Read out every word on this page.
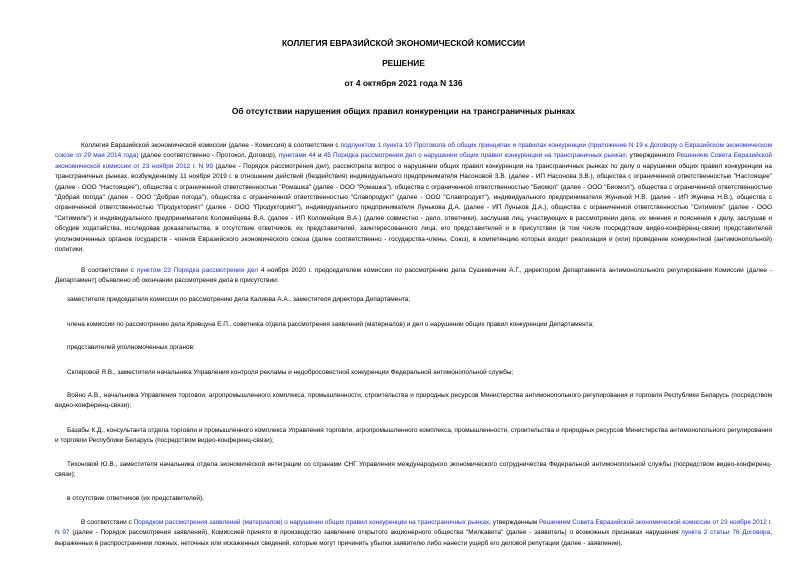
КОЛЛЕГИЯ ЕВРАЗИЙСКОЙ ЭКОНОМИЧЕСКОЙ КОМИССИИ
РЕШЕНИЕ
от 4 октября 2021 года N 136
Об отсутствии нарушения общих правил конкуренции на трансграничных рынках

Коллегия Евразийской экономической комиссии (далее - Комиссия) в соответствии с подпунктом 1 пункта 10 Протокола об общих принципах и правилах конкуренции (приложение N 19 к Договору о Евразийском экономическом союзе от 29 мая 2014 года) (далее соответственно - Протокол, Договор), пунктами 44 и 45 Порядка рассмотрения дел о нарушении общих правил конкуренции на трансграничных рынках, утвержденного Решением Совета Евразийской экономической комиссии от 23 ноября 2012 г. N 99 (далее - Порядок рассмотрения дел), рассмотрела вопрос о нарушении общих правил конкуренции на трансграничных рынках по делу о нарушении общих правил конкуренции на трансграничных рынках, возбужденному 11 ноября 2019 г. в отношении действий (бездействия) индивидуального предпринимателя Насоновой З.В. (далее - ИП Насонова З.В.), общества с ограниченной ответственностью "Настоящее" (далее - ООО "Настоящее"), общества с ограниченной ответственностью "Ромашка" (далее - ООО "Ромашка"), общества с ограниченной ответственностью "Биомол" (далее - ООО "Биомол"), общества с ограниченной ответственностью "Добрая погода" (далее - ООО "Добрая погода"), общества с ограниченной ответственностью "Славпродукт" (далее - ООО "Славпродукт"), индивидуального предпринимателя Жуниной Н.В. (далее - ИП Жунина Н.В.), общества с ограниченной ответственностью "Продукторият" (далее - ООО "Продукторият"), индивидуального предпринимателя Лунькова Д.А. (далее - ИП Луньков Д.А.), общества с ограниченной ответственностью "Ситимилк" (далее - ООО "Ситимилк") и индивидуального предпринимателя Коломейцева В.А. (далее - ИП Коломейцев В.А.) (далее совместно - дело, ответчики), заслушав лиц, участвующих в рассмотрении дела, их мнения и пояснения к делу, заслушав и обсудив ходатайства, исследовав доказательства, в отсутствие ответчиков, их представителей, заинтересованного лица, его представителей и в присутствии (в том числе посредством видео-конференц-связи) представителей уполномоченных органов государств - членов Евразийского экономического союза (далее соответственно - государства-члены, Союз), в компетенцию которых входит реализация и (или) проведение конкурентной (антимонопольной) политики.

В соответствии с пунктом 23 Порядка рассмотрения дел 4 ноября 2020 г. председателем комиссии по рассмотрению дела Сушкевичем А.Г., директором Департамента антимонопольного регулирования Комиссии (далее - Департамент) объявлено об окончании рассмотрения дела в присутствии:

заместителя председателя комиссии по рассмотрению дела Калиева А.А., заместителя директора Департамента;

члена комиссии по рассмотрению дела Кривцуна Е.П., советника отдела рассмотрения заявлений (материалов) и дел о нарушении общих правил конкуренции Департамента;

представителей уполномоченных органов:

Скляровой Я.В., заместителя начальника Управления контроля рекламы и недобросовестной конкуренции Федеральной антимонопольной службы;

Войно А.В., начальника Управления торговли, агропромышленного комплекса, промышленности, строительства и природных ресурсов Министерства антимонопольного регулирования и торговли Республики Беларусь (посредством видео-конференц-связи);

Базабы К.Д., консультанта отдела торговли и промышленного комплекса Управления торговли, агропромышленного комплекса, промышленности, строительства и природных ресурсов Министерства антимонопольного регулирования и торговли Республики Беларусь (посредством видео-конференц-связи);

Тихоновой Ю.В., заместителя начальника отдела экономической интеграции со странами СНГ Управления международного экономического сотрудничества Федеральной антимонопольной службы (посредством видео-конференц-связи);

в отсутствие ответчиков (их представителей).

В соответствии с Порядком рассмотрения заявлений (материалов) о нарушении общих правил конкуренции на трансграничных рынках, утвержденным Решением Совета Евразийской экономической комиссии от 23 ноября 2012 г. N 97 (далее - Порядок рассмотрения заявлений), Комиссией принято в производство заявление открытого акционерного общества "Милкавита" (далее - заявитель) о возможных признаках нарушения пункта 2 статьи 76 Договора, выраженных в распространении ложных, неточных или искаженных сведений, которые могут причинить убытки заявителю либо нанести ущерб его деловой репутации (далее - заявление).
